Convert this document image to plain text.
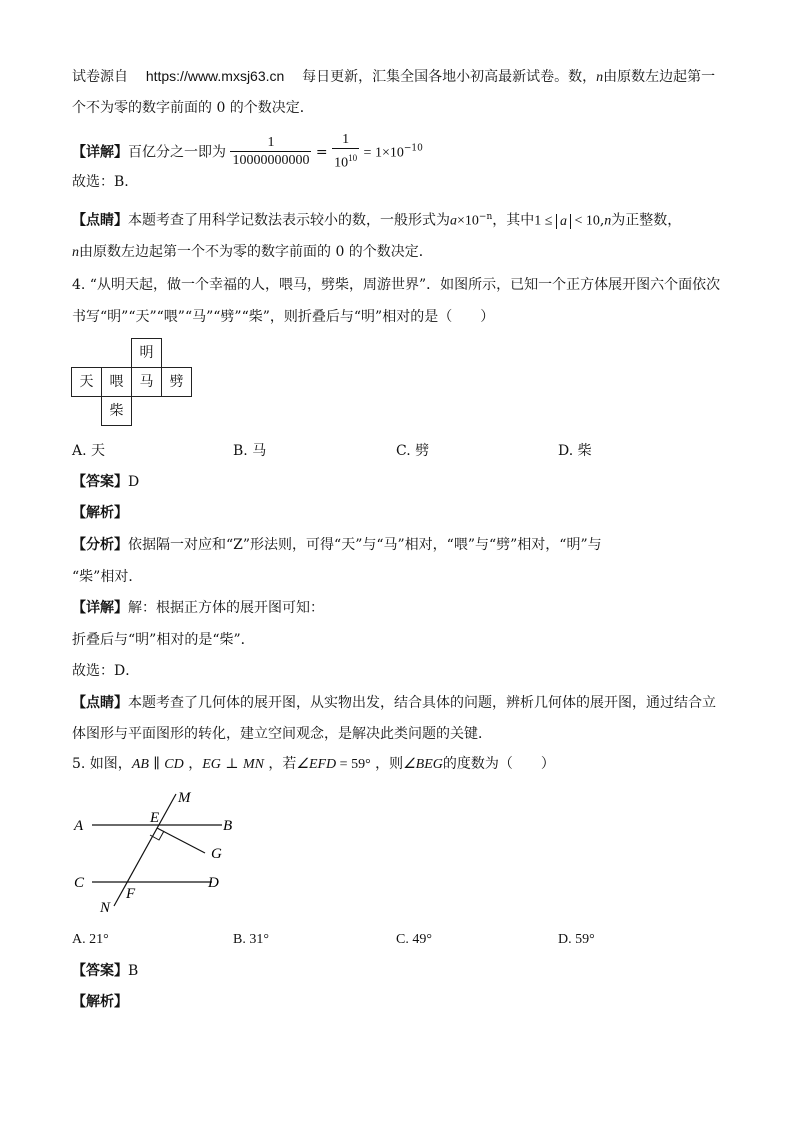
试卷源自 https://www.mxsj63.cn 每日更新，汇集全国各地小初高最新试卷。数，n由原数左边起第一
个不为零的数字前面的 0 的个数决定．
【详解】百亿分之一即为 $\frac{1}{10000000000} = \frac{1}{10^{10}} = 1\times 10^{-10}$
故选：B.
【点睛】本题考查了用科学记数法表示较小的数，一般形式为$a\times 10^{-n}$，其中1 ≤ a < 10,n为正整数，
n由原数左边起第一个不为零的数字前面的 0 的个数决定．
4. “从明天起，做一个幸福的人，喂马，劈柴，周游世界”．如图所示，已知一个正方体展开图六个面依次
书写“明”“天”“喂”“马”“劈”“柴”，则折叠后与“明”相对的是（　　）
明
天	喂	马	劈
柴
A. 天	B. 马	C. 劈	D. 柴
【答案】D
【解析】
【分析】依据隔一对应和“Z”形法则，可得“天”与“马”相对，“喂”与“劈”相对，“明”与
“柴”相对．
【详解】解：根据正方体的展开图可知：
折叠后与“明”相对的是“柴”．
故选：D．
【点睛】本题考查了几何体的展开图，从实物出发，结合具体的问题，辨析几何体的展开图，通过结合立
体图形与平面图形的转化，建立空间观念，是解决此类问题的关键．
5. 如图，AB ∥ CD ，EG ⊥ MN ，若∠EFD = 59° ，则∠BEG的度数为（　　）
M
A	E	B
G
C
F
D
N
A. 21°	B. 31°	C. 49°	D. 59°
【答案】B
【解析】
